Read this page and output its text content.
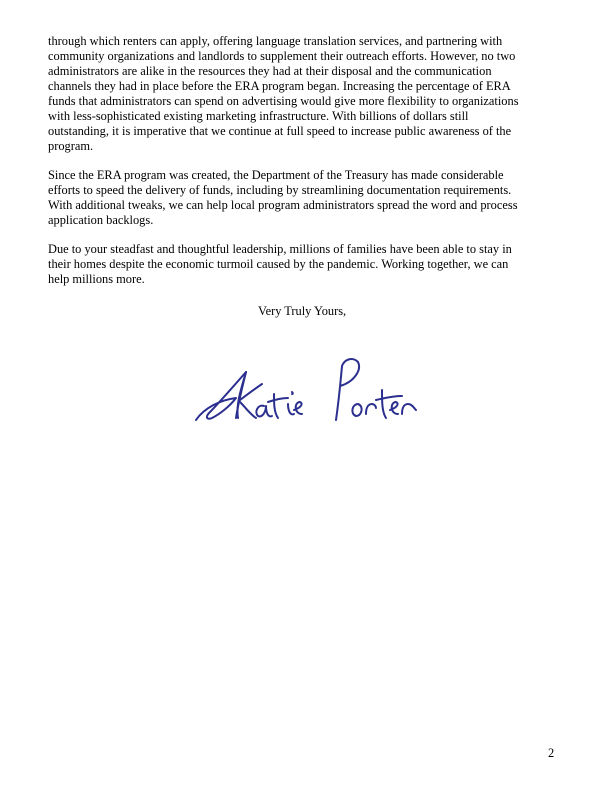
through which renters can apply, offering language translation services, and partnering with
community organizations and landlords to supplement their outreach efforts. However, no two
administrators are alike in the resources they had at their disposal and the communication
channels they had in place before the ERA program began. Increasing the percentage of ERA
funds that administrators can spend on advertising would give more flexibility to organizations
with less-sophisticated existing marketing infrastructure. With billions of dollars still
outstanding, it is imperative that we continue at full speed to increase public awareness of the
program.

Since the ERA program was created, the Department of the Treasury has made considerable
efforts to speed the delivery of funds, including by streamlining documentation requirements.
With additional tweaks, we can help local program administrators spread the word and process
application backlogs.

Due to your steadfast and thoughtful leadership, millions of families have been able to stay in
their homes despite the economic turmoil caused by the pandemic. Working together, we can
help millions more.

Very Truly Yours,
2
